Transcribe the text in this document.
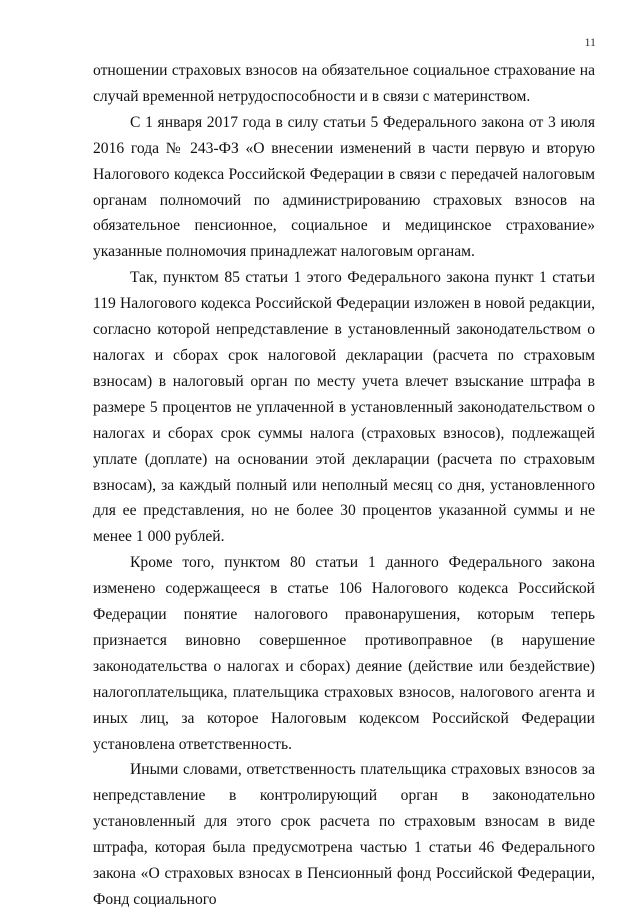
11

отношении страховых взносов на обязательное социальное страхование на случай временной нетрудоспособности и в связи с материнством.

С 1 января 2017 года в силу статьи 5 Федерального закона от 3 июля 2016 года № 243-ФЗ «О внесении изменений в части первую и вторую Налогового кодекса Российской Федерации в связи с передачей налоговым органам полномочий по администрированию страховых взносов на обязательное пенсионное, социальное и медицинское страхование» указанные полномочия принадлежат налоговым органам.

Так, пунктом 85 статьи 1 этого Федерального закона пункт 1 статьи 119 Налогового кодекса Российской Федерации изложен в новой редакции, согласно которой непредставление в установленный законодательством о налогах и сборах срок налоговой декларации (расчета по страховым взносам) в налоговый орган по месту учета влечет взыскание штрафа в размере 5 процентов не уплаченной в установленный законодательством о налогах и сборах срок суммы налога (страховых взносов), подлежащей уплате (доплате) на основании этой декларации (расчета по страховым взносам), за каждый полный или неполный месяц со дня, установленного для ее представления, но не более 30 процентов указанной суммы и не менее 1 000 рублей.

Кроме того, пунктом 80 статьи 1 данного Федерального закона изменено содержащееся в статье 106 Налогового кодекса Российской Федерации понятие налогового правонарушения, которым теперь признается виновно совершенное противоправное (в нарушение законодательства о налогах и сборах) деяние (действие или бездействие) налогоплательщика, плательщика страховых взносов, налогового агента и иных лиц, за которое Налоговым кодексом Российской Федерации установлена ответственность.

Иными словами, ответственность плательщика страховых взносов за непредставление в контролирующий орган в законодательно установленный для этого срок расчета по страховым взносам в виде штрафа, которая была предусмотрена частью 1 статьи 46 Федерального закона «О страховых взносах в Пенсионный фонд Российской Федерации, Фонд социального
